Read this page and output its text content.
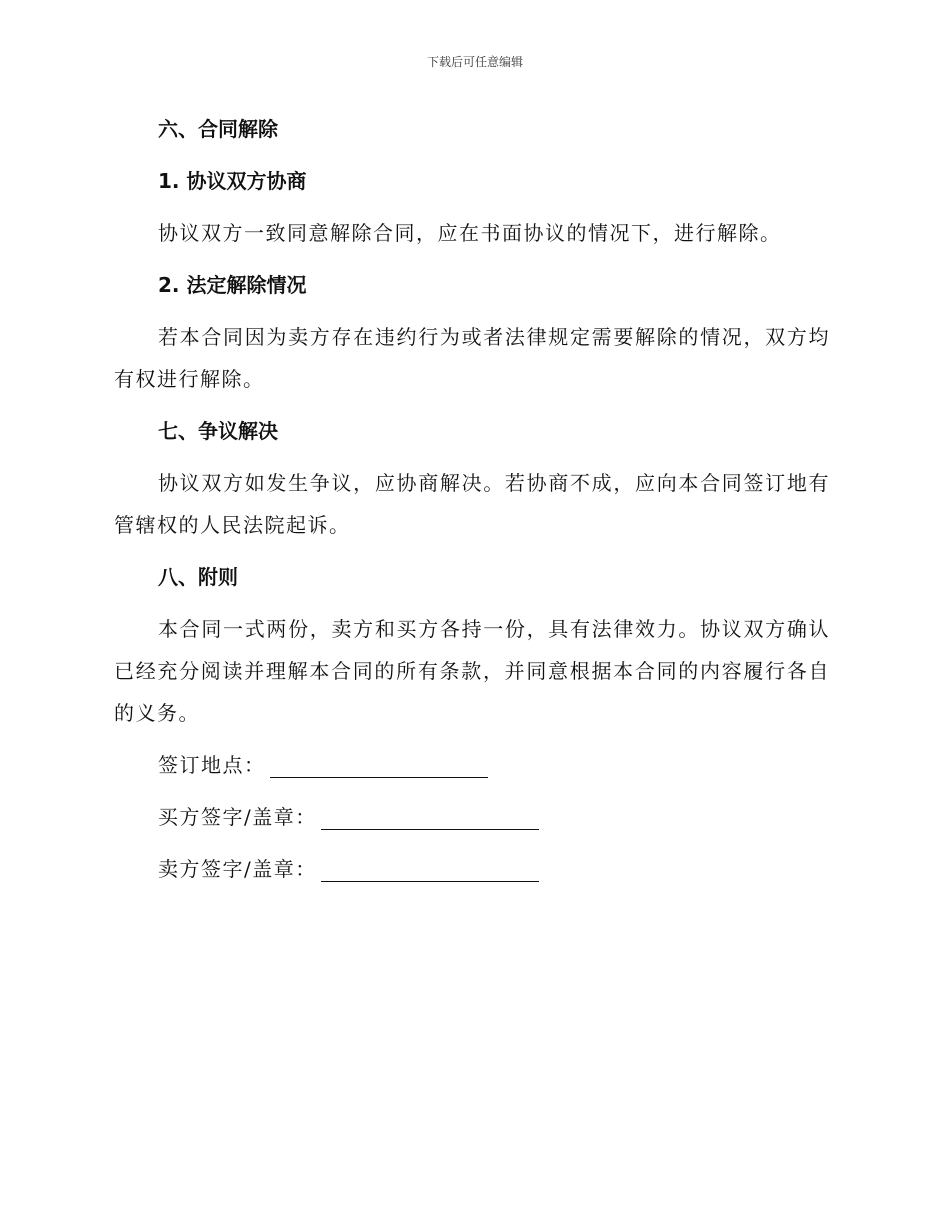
下载后可任意编辑
六、合同解除
1. 协议双方协商

协议双方一致同意解除合同，应在书面协议的情况下，进行解除。

2. 法定解除情况

若本合同因为卖方存在违约行为或者法律规定需要解除的情况，双方均有权进行解除。

七、争议解决

协议双方如发生争议，应协商解决。若协商不成，应向本合同签订地有管辖权的人民法院起诉。

八、附则

本合同一式两份，卖方和买方各持一份，具有法律效力。协议双方确认已经充分阅读并理解本合同的所有条款，并同意根据本合同的内容履行各自的义务。

签订地点：
买方签字/盖章：
卖方签字/盖章：
